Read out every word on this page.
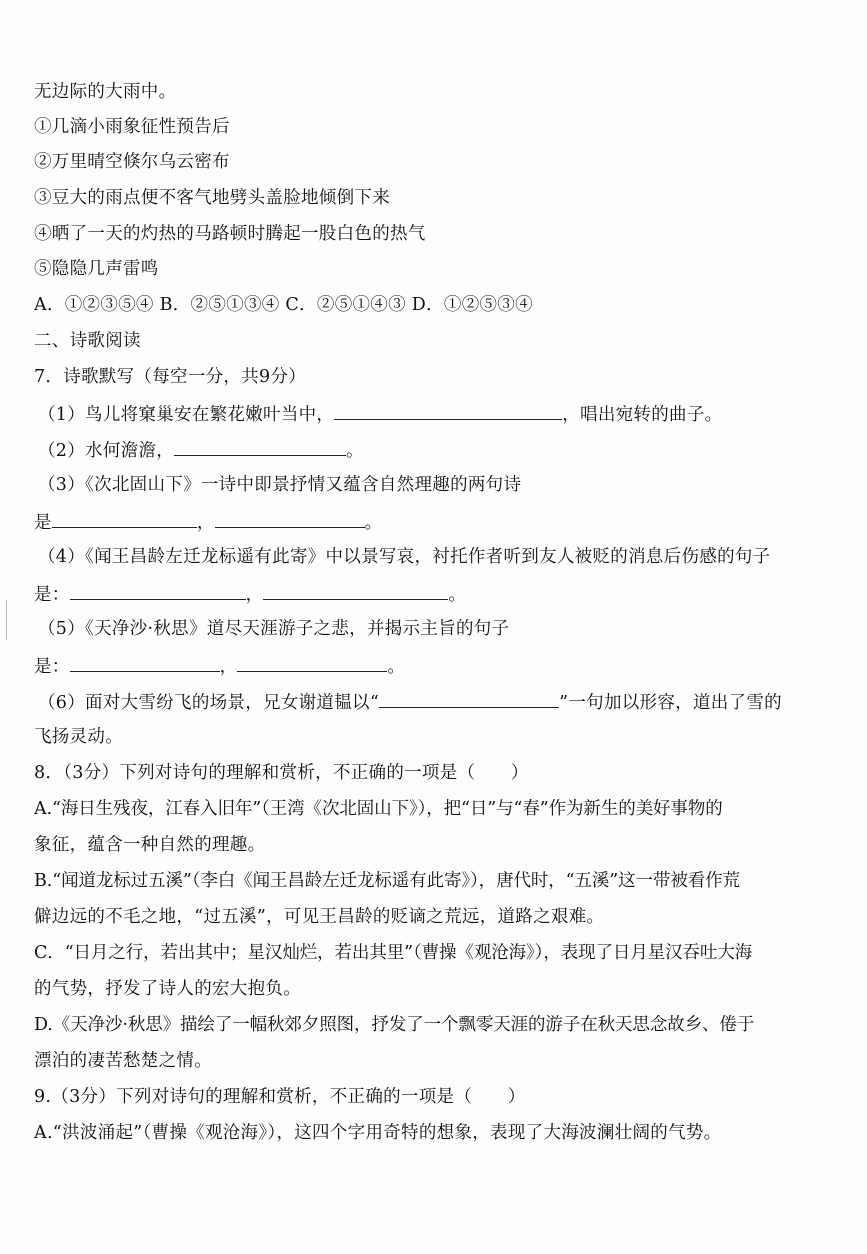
无边际的大雨中。
①几滴小雨象征性预告后
②万里晴空倏尔乌云密布
③豆大的雨点便不客气地劈头盖脸地倾倒下来
④晒了一天的灼热的马路顿时腾起一股白色的热气
⑤隐隐几声雷鸣
A．①②③⑤④ B．②⑤①③④ C．②⑤①④③ D．①②⑤③④
二、诗歌阅读
7．诗歌默写（每空一分，共9分）
（1）鸟儿将窠巢安在繁花嫩叶当中，	，唱出宛转的曲子。
（2）水何澹澹，	。
（3）《次北固山下》一诗中即景抒情又蕴含自然理趣的两句诗
是	，	。
（4）《闻王昌龄左迁龙标遥有此寄》中以景写哀，衬托作者听到友人被贬的消息后伤感的句子
是：	，	。
（5）《天净沙·秋思》道尽天涯游子之悲，并揭示主旨的句子
是：	，	。
（6）面对大雪纷飞的场景，兄女谢道韫以“	”一句加以形容，道出了雪的
飞扬灵动。
8．（3分）下列对诗句的理解和赏析，不正确的一项是（　　）
A.“海日生残夜，江春入旧年”（王湾《次北固山下》），把“日”与“春”作为新生的美好事物的
象征，蕴含一种自然的理趣。
B.“闻道龙标过五溪”（李白《闻王昌龄左迁龙标遥有此寄》），唐代时，“五溪”这一带被看作荒
僻边远的不毛之地，“过五溪”，可见王昌龄的贬谪之荒远，道路之艰难。
C．“日月之行，若出其中；星汉灿烂，若出其里”（曹操《观沧海》），表现了日月星汉吞吐大海
的气势，抒发了诗人的宏大抱负。
D.《天净沙·秋思》描绘了一幅秋郊夕照图，抒发了一个飘零天涯的游子在秋天思念故乡、倦于
漂泊的凄苦愁楚之情。
9.（3分）下列对诗句的理解和赏析，不正确的一项是（　　）
A.“洪波涌起”（曹操《观沧海》），这四个字用奇特的想象，表现了大海波澜壮阔的气势。
